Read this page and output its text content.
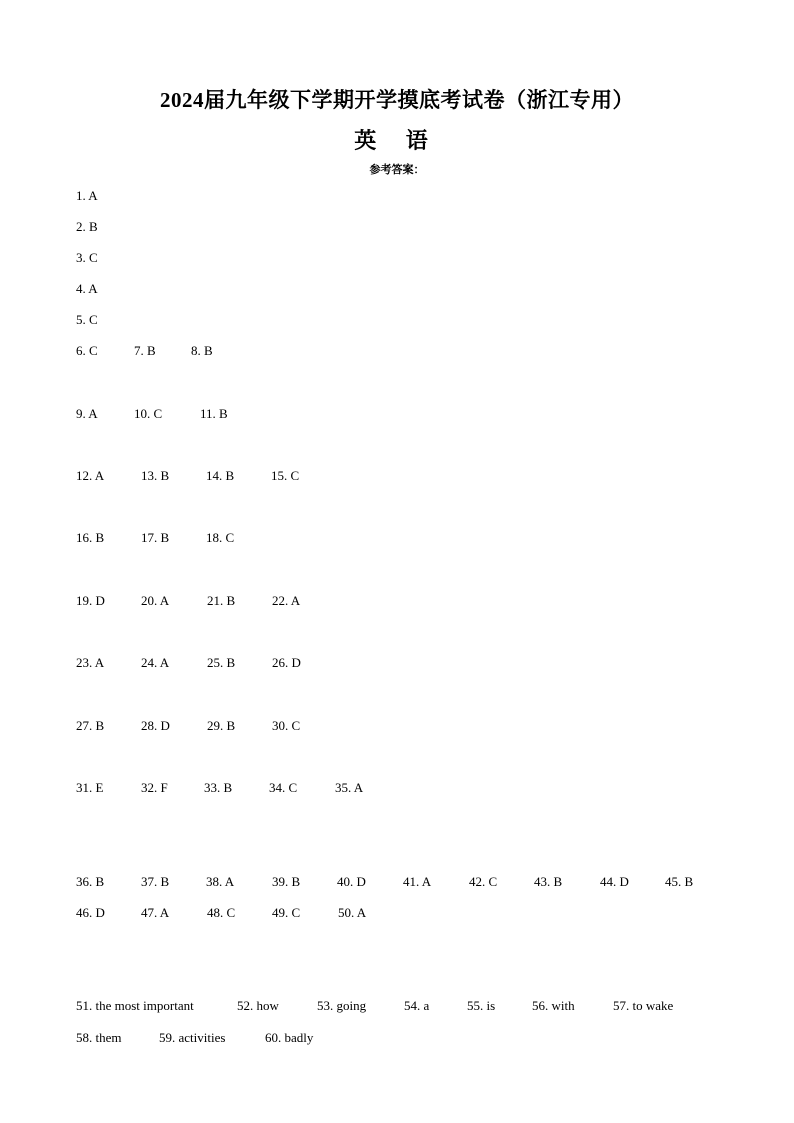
2024届九年级下学期开学摸底考试卷（浙江专用）
英 语
参考答案：
1. A
2. B
3. C
4. A
5. C
6. C	7. B	8. B
9. A	10. C	11. B
12. A	13. B	14. B	15. C
16. B	17. B	18. C
19. D	20. A	21. B	22. A
23. A	24. A	25. B	26. D
27. B	28. D	29. B	30. C
31. E	32. F	33. B	34. C	35. A
36. B	37. B	38. A	39. B	40. D	41. A	42. C	43. B	44. D	45. B
46. D	47. A	48. C	49. C	50. A
51. the most important	52. how	53. going	54. a	55. is	56. with	57. to wake
58. them	59. activities	60. badly
